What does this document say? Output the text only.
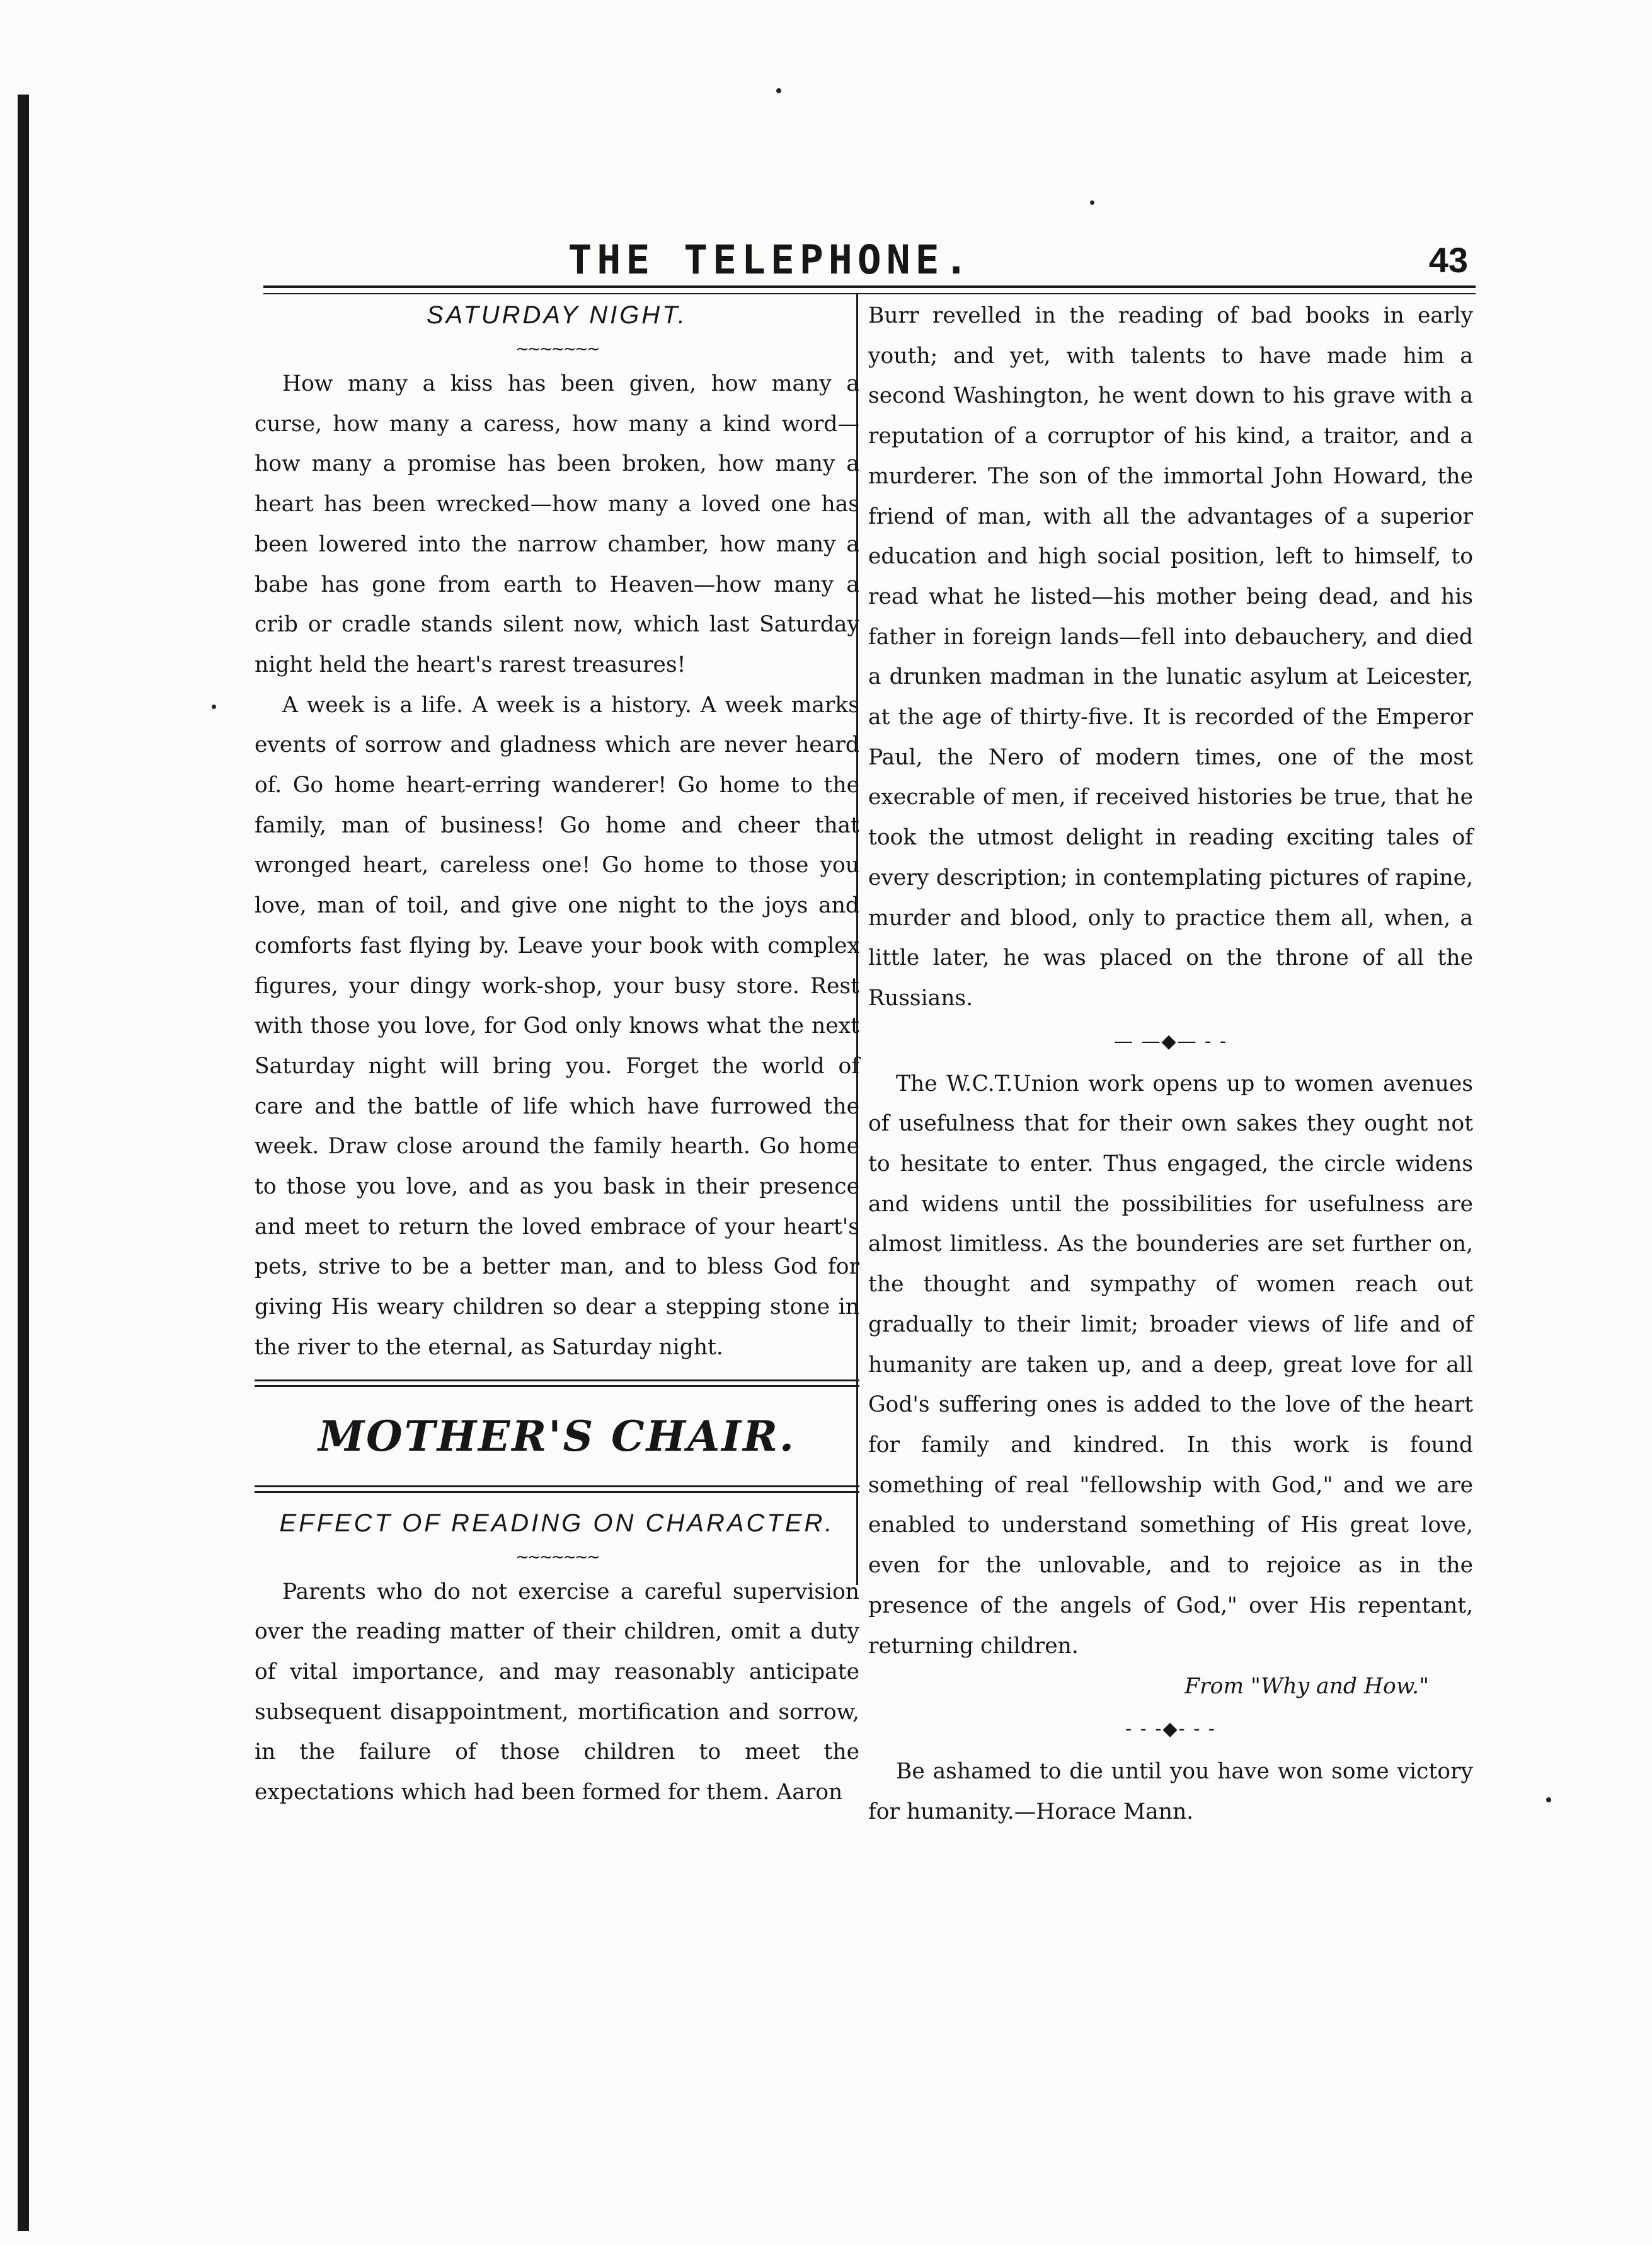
THE TELEPHONE.	43
SATURDAY NIGHT.
~~~~~~~

How many a kiss has been given, how many a curse, how many a caress, how many a kind word—how many a promise has been broken, how many a heart has been wrecked—how many a loved one has been lowered into the narrow chamber, how many a babe has gone from earth to Heaven—how many a crib or cradle stands silent now, which last Saturday night held the heart's rarest treasures!

A week is a life. A week is a history. A week marks events of sorrow and gladness which are never heard of. Go home heart-erring wanderer! Go home to the family, man of business! Go home and cheer that wronged heart, careless one! Go home to those you love, man of toil, and give one night to the joys and comforts fast flying by. Leave your book with complex figures, your dingy work-shop, your busy store. Rest with those you love, for God only knows what the next Saturday night will bring you. Forget the world of care and the battle of life which have furrowed the week. Draw close around the family hearth. Go home to those you love, and as you bask in their presence and meet to return the loved embrace of your heart's pets, strive to be a better man, and to bless God for giving His weary children so dear a stepping stone in the river to the eternal, as Saturday night.

MOTHER'S CHAIR.
EFFECT OF READING ON CHARACTER.
~~~~~~~

Parents who do not exercise a careful supervision over the reading matter of their children, omit a duty of vital importance, and may reasonably anticipate subsequent disappointment, mortification and sorrow, in the failure of those children to meet the expectations which had been formed for them. Aaron

Burr revelled in the reading of bad books in early youth; and yet, with talents to have made him a second Washington, he went down to his grave with a reputation of a corruptor of his kind, a traitor, and a murderer. The son of the immortal John Howard, the friend of man, with all the advantages of a superior education and high social position, left to himself, to read what he listed—his mother being dead, and his father in foreign lands—fell into debauchery, and died a drunken madman in the lunatic asylum at Leicester, at the age of thirty-five. It is recorded of the Emperor Paul, the Nero of modern times, one of the most execrable of men, if received histories be true, that he took the utmost delight in reading exciting tales of every description; in contemplating pictures of rapine, murder and blood, only to practice them all, when, a little later, he was placed on the throne of all the Russians.

— —◆— - -

The W.C.T.Union work opens up to women avenues of usefulness that for their own sakes they ought not to hesitate to enter. Thus engaged, the circle widens and widens until the possibilities for usefulness are almost limitless. As the bounderies are set further on, the thought and sympathy of women reach out gradually to their limit; broader views of life and of humanity are taken up, and a deep, great love for all God's suffering ones is added to the love of the heart for family and kindred. In this work is found something of real "fellowship with God," and we are enabled to understand something of His great love, even for the unlovable, and to rejoice as in the presence of the angels of God," over His repentant, returning children.

From "Why and How."
- - -◆- - -

Be ashamed to die until you have won some victory for humanity.—Horace Mann.
